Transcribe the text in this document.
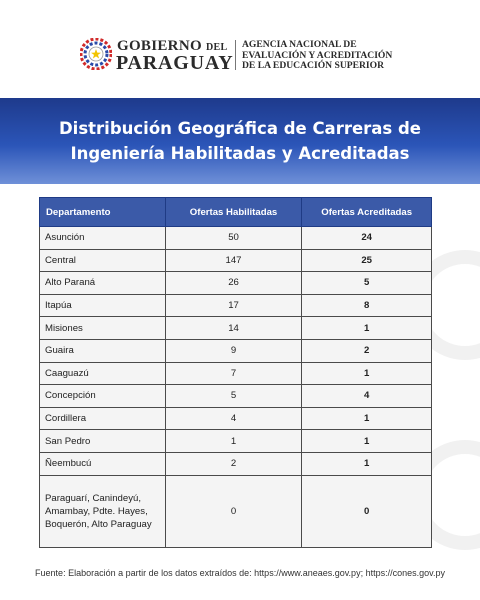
GOBIERNO DEL
PARAGUAY
AGENCIA NACIONAL DE
EVALUACIÓN Y ACREDITACIÓN
DE LA EDUCACIÓN SUPERIOR
Distribución Geográfica de Carreras de
Ingeniería Habilitadas y Acreditadas
Departamento	Ofertas Habilitadas	Ofertas Acreditadas
Asunción	50	24
Central	147	25
Alto Paraná	26	5
Itapúa	17	8
Misiones	14	1
Guaira	9	2
Caaguazú	7	1
Concepción	5	4
Cordillera	4	1
San Pedro	1	1
Ñeembucú	2	1
Paraguarí, Canindeyú, Amambay, Pdte. Hayes, Boquerón, Alto Paraguay	0	0
Fuente: Elaboración a partir de los datos extraídos de: https://www.aneaes.gov.py; https://cones.gov.py
